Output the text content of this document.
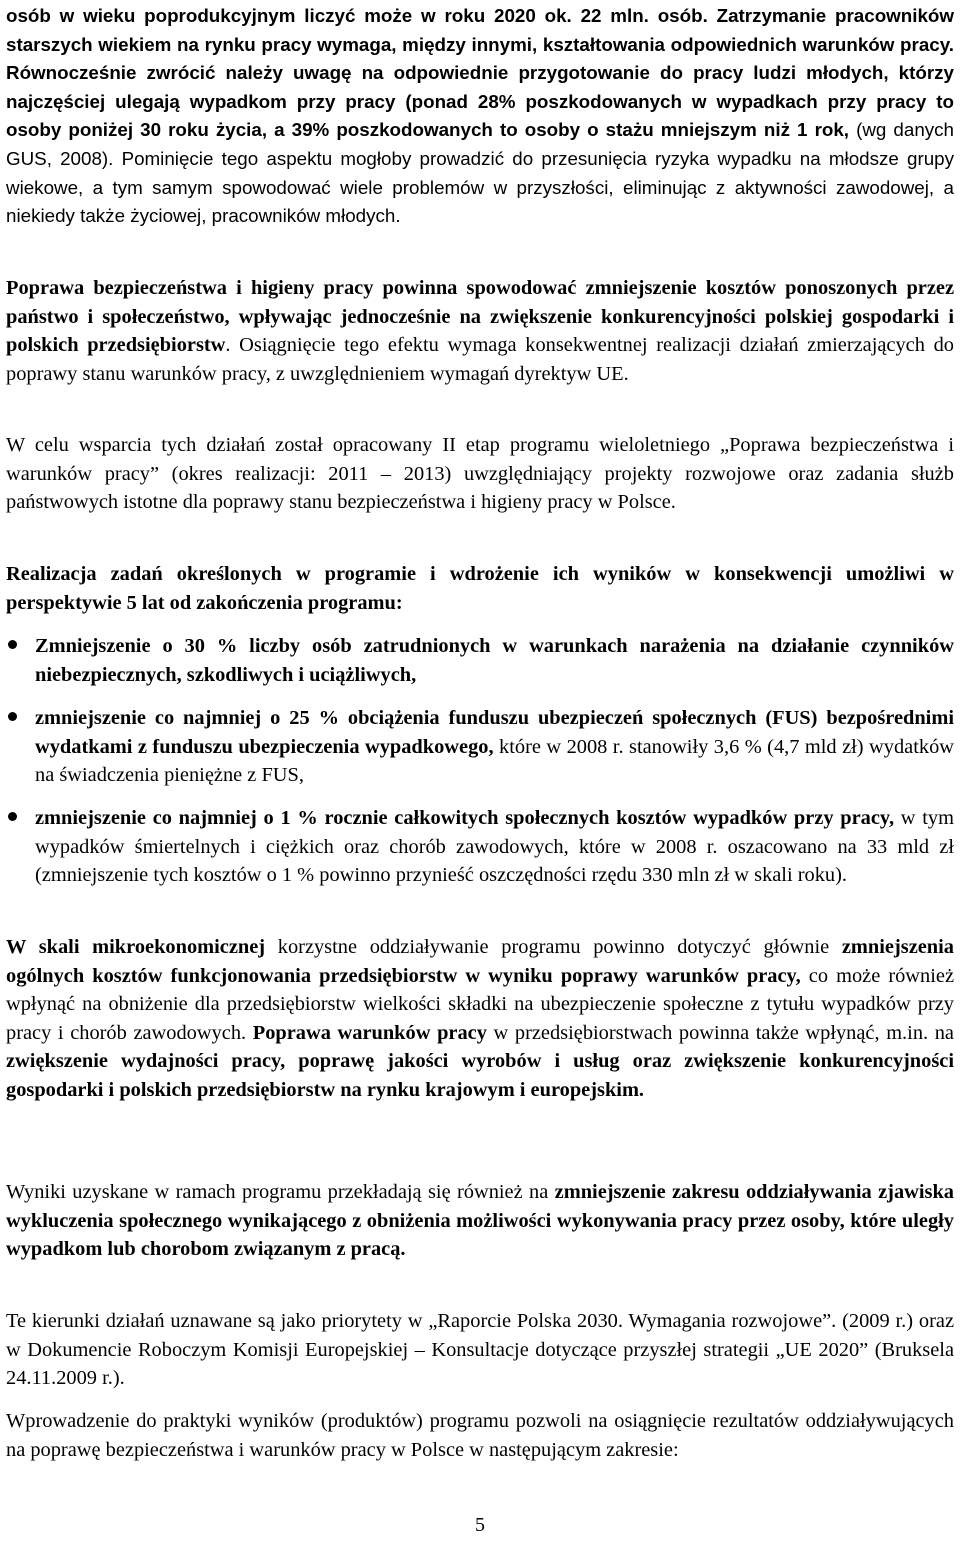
osób w wieku poprodukcyjnym liczyć może w roku 2020 ok. 22 mln. osób. Zatrzymanie pracowników starszych wiekiem na rynku pracy wymaga, między innymi, kształtowania odpowiednich warunków pracy. Równocześnie zwrócić należy uwagę na odpowiednie przygotowanie do pracy ludzi młodych, którzy najczęściej ulegają wypadkom przy pracy (ponad 28% poszkodowanych w wypadkach przy pracy to osoby poniżej 30 roku życia, a 39% poszkodowanych to osoby o stażu mniejszym niż 1 rok, (wg danych GUS, 2008). Pominięcie tego aspektu mogłoby prowadzić do przesunięcia ryzyka wypadku na młodsze grupy wiekowe, a tym samym spowodować wiele problemów w przyszłości, eliminując z aktywności zawodowej, a niekiedy także życiowej, pracowników młodych.

Poprawa bezpieczeństwa i higieny pracy powinna spowodować zmniejszenie kosztów ponoszonych przez państwo i społeczeństwo, wpływając jednocześnie na zwiększenie konkurencyjności polskiej gospodarki i polskich przedsiębiorstw. Osiągnięcie tego efektu wymaga konsekwentnej realizacji działań zmierzających do poprawy stanu warunków pracy, z uwzględnieniem wymagań dyrektyw UE.

W celu wsparcia tych działań został opracowany II etap programu wieloletniego „Poprawa bezpieczeństwa i warunków pracy” (okres realizacji: 2011 – 2013) uwzględniający projekty rozwojowe oraz zadania służb państwowych istotne dla poprawy stanu bezpieczeństwa i higieny pracy w Polsce.

Realizacja zadań określonych w programie i wdrożenie ich wyników w konsekwencji umożliwi w perspektywie 5 lat od zakończenia programu:

Zmniejszenie o 30 % liczby osób zatrudnionych w warunkach narażenia na działanie czynników niebezpiecznych, szkodliwych i uciążliwych,

zmniejszenie co najmniej o 25 % obciążenia funduszu ubezpieczeń społecznych (FUS) bezpośrednimi wydatkami z funduszu ubezpieczenia wypadkowego, które w 2008 r. stanowiły 3,6 % (4,7 mld zł) wydatków na świadczenia pieniężne z FUS,

zmniejszenie co najmniej o 1 % rocznie całkowitych społecznych kosztów wypadków przy pracy, w tym wypadków śmiertelnych i ciężkich oraz chorób zawodowych, które w 2008 r. oszacowano na 33 mld zł (zmniejszenie tych kosztów o 1 % powinno przynieść oszczędności rzędu 330 mln zł w skali roku).

W skali mikroekonomicznej korzystne oddziaływanie programu powinno dotyczyć głównie zmniejszenia ogólnych kosztów funkcjonowania przedsiębiorstw w wyniku poprawy warunków pracy, co może również wpłynąć na obniżenie dla przedsiębiorstw wielkości składki na ubezpieczenie społeczne z tytułu wypadków przy pracy i chorób zawodowych. Poprawa warunków pracy w przedsiębiorstwach powinna także wpłynąć, m.in. na zwiększenie wydajności pracy, poprawę jakości wyrobów i usług oraz zwiększenie konkurencyjności gospodarki i polskich przedsiębiorstw na rynku krajowym i europejskim.

Wyniki uzyskane w ramach programu przekładają się również na zmniejszenie zakresu oddziaływania zjawiska wykluczenia społecznego wynikającego z obniżenia możliwości wykonywania pracy przez osoby, które uległy wypadkom lub chorobom związanym z pracą.

Te kierunki działań uznawane są jako priorytety w „Raporcie Polska 2030. Wymagania rozwojowe”. (2009 r.) oraz w Dokumencie Roboczym Komisji Europejskiej – Konsultacje dotyczące przyszłej strategii „UE 2020” (Bruksela 24.11.2009 r.).

Wprowadzenie do praktyki wyników (produktów) programu pozwoli na osiągnięcie rezultatów oddziaływujących na poprawę bezpieczeństwa i warunków pracy w Polsce w następującym zakresie:

5
